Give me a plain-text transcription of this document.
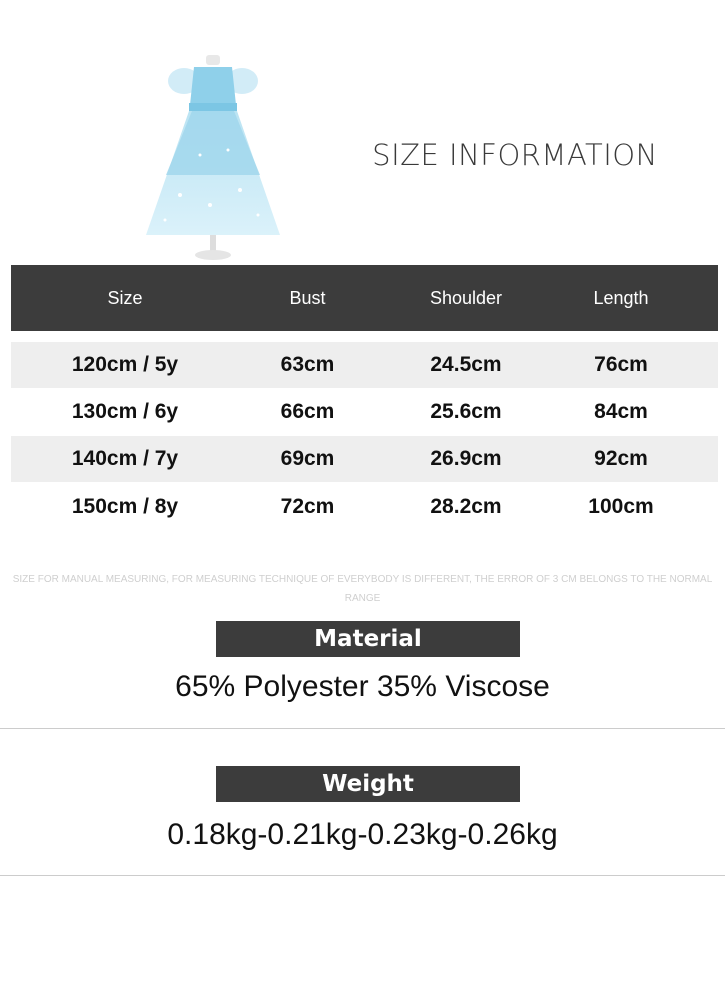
SIZE INFORMATION
Size	Bust	Shoulder	Length
120cm / 5y	63cm	24.5cm	76cm
130cm / 6y	66cm	25.6cm	84cm
140cm / 7y	69cm	26.9cm	92cm
150cm / 8y	72cm	28.2cm	100cm
SIZE FOR MANUAL MEASURING, FOR MEASURING TECHNIQUE OF EVERYBODY IS DIFFERENT, THE ERROR OF 3 CM BELONGS TO THE NORMAL RANGE
Material
65% Polyester 35% Viscose
Weight
0.18kg-0.21kg-0.23kg-0.26kg
